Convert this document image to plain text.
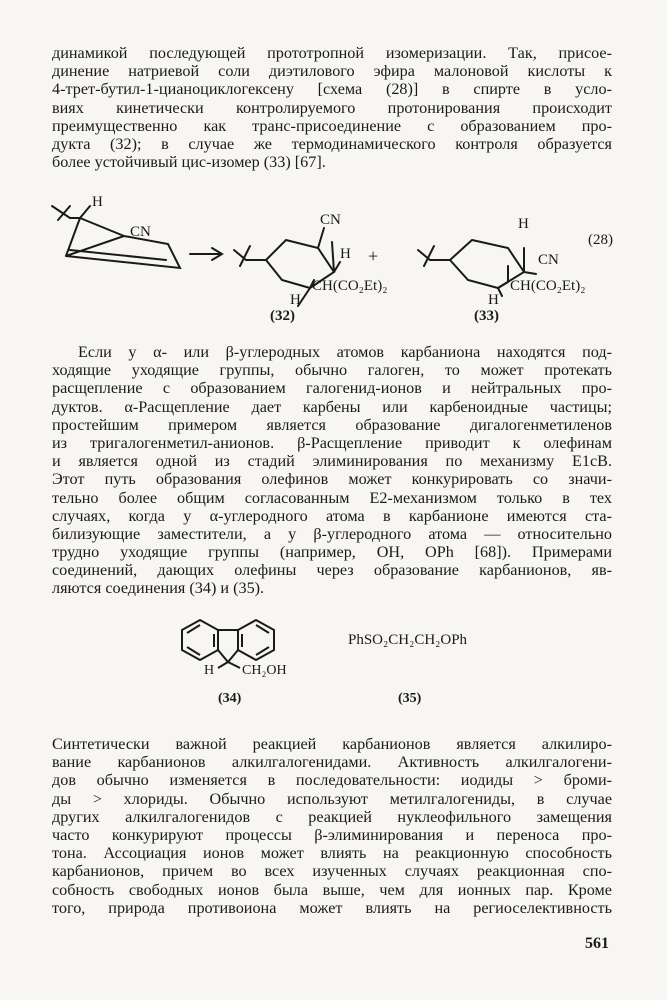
динамикой последующей прототропной изомеризации. Так, присое-
динение натриевой соли диэтилового эфира малоновой кислоты к
4-трет-бутил-1-цианоциклогексену [схема (28)] в спирте в усло-
виях кинетически контролируемого протонирования происходит
преимущественно как транс-присоединение с образованием про-
дукта (32); в случае же термодинамического контроля образуется
более устойчивый цис-изомер (33) [67].
H
CN
+
CN
H
H
CH(CO₂Et)₂
H
CN
H
CH(CO₂Et)₂
(28)
(32)	(33)
Если у α- или β-углеродных атомов карбаниона находятся под-
ходящие уходящие группы, обычно галоген, то может протекать
расщепление с образованием галогенид-ионов и нейтральных про-
дуктов. α-Расщепление дает карбены или карбеноидные частицы;
простейшим примером является образование дигалогенметиленов
из тригалогенметил-анионов. β-Расщепление приводит к олефинам
и является одной из стадий элиминирования по механизму E1cB.
Этот путь образования олефинов может конкурировать со значи-
тельно более общим согласованным E2-механизмом только в тех
случаях, когда у α-углеродного атома в карбанионе имеются ста-
билизующие заместители, а у β-углеродного атома — относительно
трудно уходящие группы (например, OH, OPh [68]). Примерами
соединений, дающих олефины через образование карбанионов, яв-
ляются соединения (34) и (35).
H CH₂OH
PhSO₂CH₂CH₂OPh
(34)	(35)
Синтетически важной реакцией карбанионов является алкилиро-
вание карбанионов алкилгалогенидами. Активность алкилгалогени-
дов обычно изменяется в последовательности: иодиды > броми-
ды > хлориды. Обычно используют метилгалогениды, в случае
других алкилгалогенидов с реакцией нуклеофильного замещения
часто конкурируют процессы β-элиминирования и переноса про-
тона. Ассоциация ионов может влиять на реакционную способность
карбанионов, причем во всех изученных случаях реакционная спо-
собность свободных ионов была выше, чем для ионных пар. Кроме
того, природа противоиона может влиять на региоселективность
561
